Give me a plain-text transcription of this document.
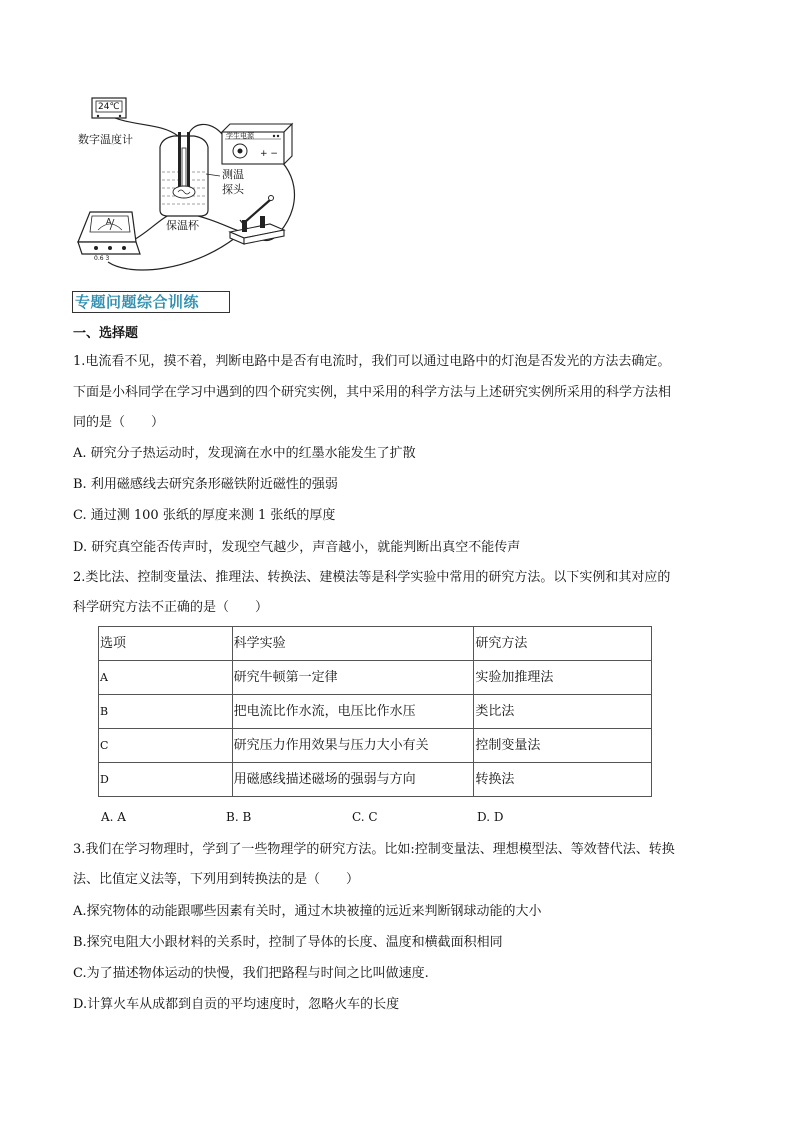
+ −
24℃
数字温度计
测温
探头
保温杯
学生电源
A
0.6 3
专题问题综合训练
一、选择题
1.电流看不见，摸不着，判断电路中是否有电流时，我们可以通过电路中的灯泡是否发光的方法去确定。
下面是小科同学在学习中遇到的四个研究实例，其中采用的科学方法与上述研究实例所采用的科学方法相
同的是（　　）
A. 研究分子热运动时，发现滴在水中的红墨水能发生了扩散
B. 利用磁感线去研究条形磁铁附近磁性的强弱
C. 通过测 100 张纸的厚度来测 1 张纸的厚度
D. 研究真空能否传声时，发现空气越少，声音越小，就能判断出真空不能传声
2.类比法、控制变量法、推理法、转换法、建模法等是科学实验中常用的研究方法。以下实例和其对应的
科学研究方法不正确的是（　　）
选项	科学实验	研究方法
A	研究牛顿第一定律	实验加推理法
B	把电流比作水流，电压比作水压	类比法
C	研究压力作用效果与压力大小有关	控制变量法
D	用磁感线描述磁场的强弱与方向	转换法
A. A	B. B	C. C	D. D
3.我们在学习物理时，学到了一些物理学的研究方法。比如:控制变量法、理想模型法、等效替代法、转换
法、比值定义法等，下列用到转换法的是（　　）
A.探究物体的动能跟哪些因素有关时，通过木块被撞的远近来判断钢球动能的大小
B.探究电阻大小跟材料的关系时，控制了导体的长度、温度和横截面积相同
C.为了描述物体运动的快慢，我们把路程与时间之比叫做速度.
D.计算火车从成都到自贡的平均速度时，忽略火车的长度
